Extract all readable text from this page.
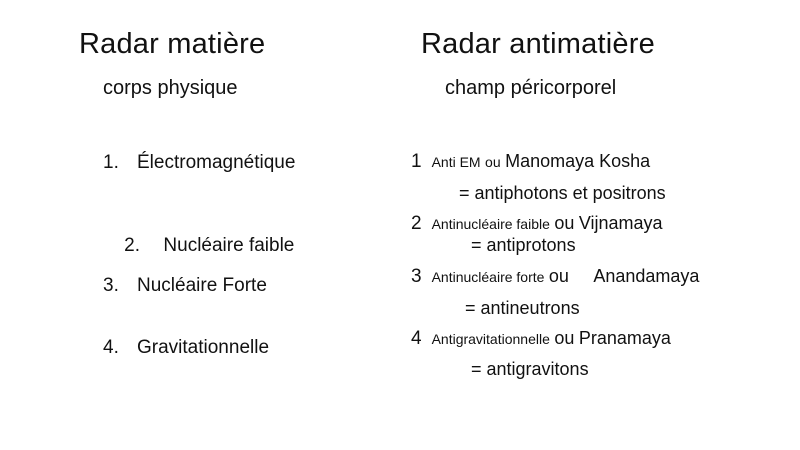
Radar matière
corps physique
1. Électromagnétique

2. Nucléaire faible

3. Nucléaire Forte
4. Gravitationnelle
Radar antimatière
champ péricorporel
1 Anti EM ou Manomaya Kosha
= antiphotons et positrons
2 Antinucléaire faible ou Vijnamaya
= antiprotons
3 Antinucléaire forte ou Anandamaya
= antineutrons
4 Antigravitationnelle ou Pranamaya
= antigravitons
